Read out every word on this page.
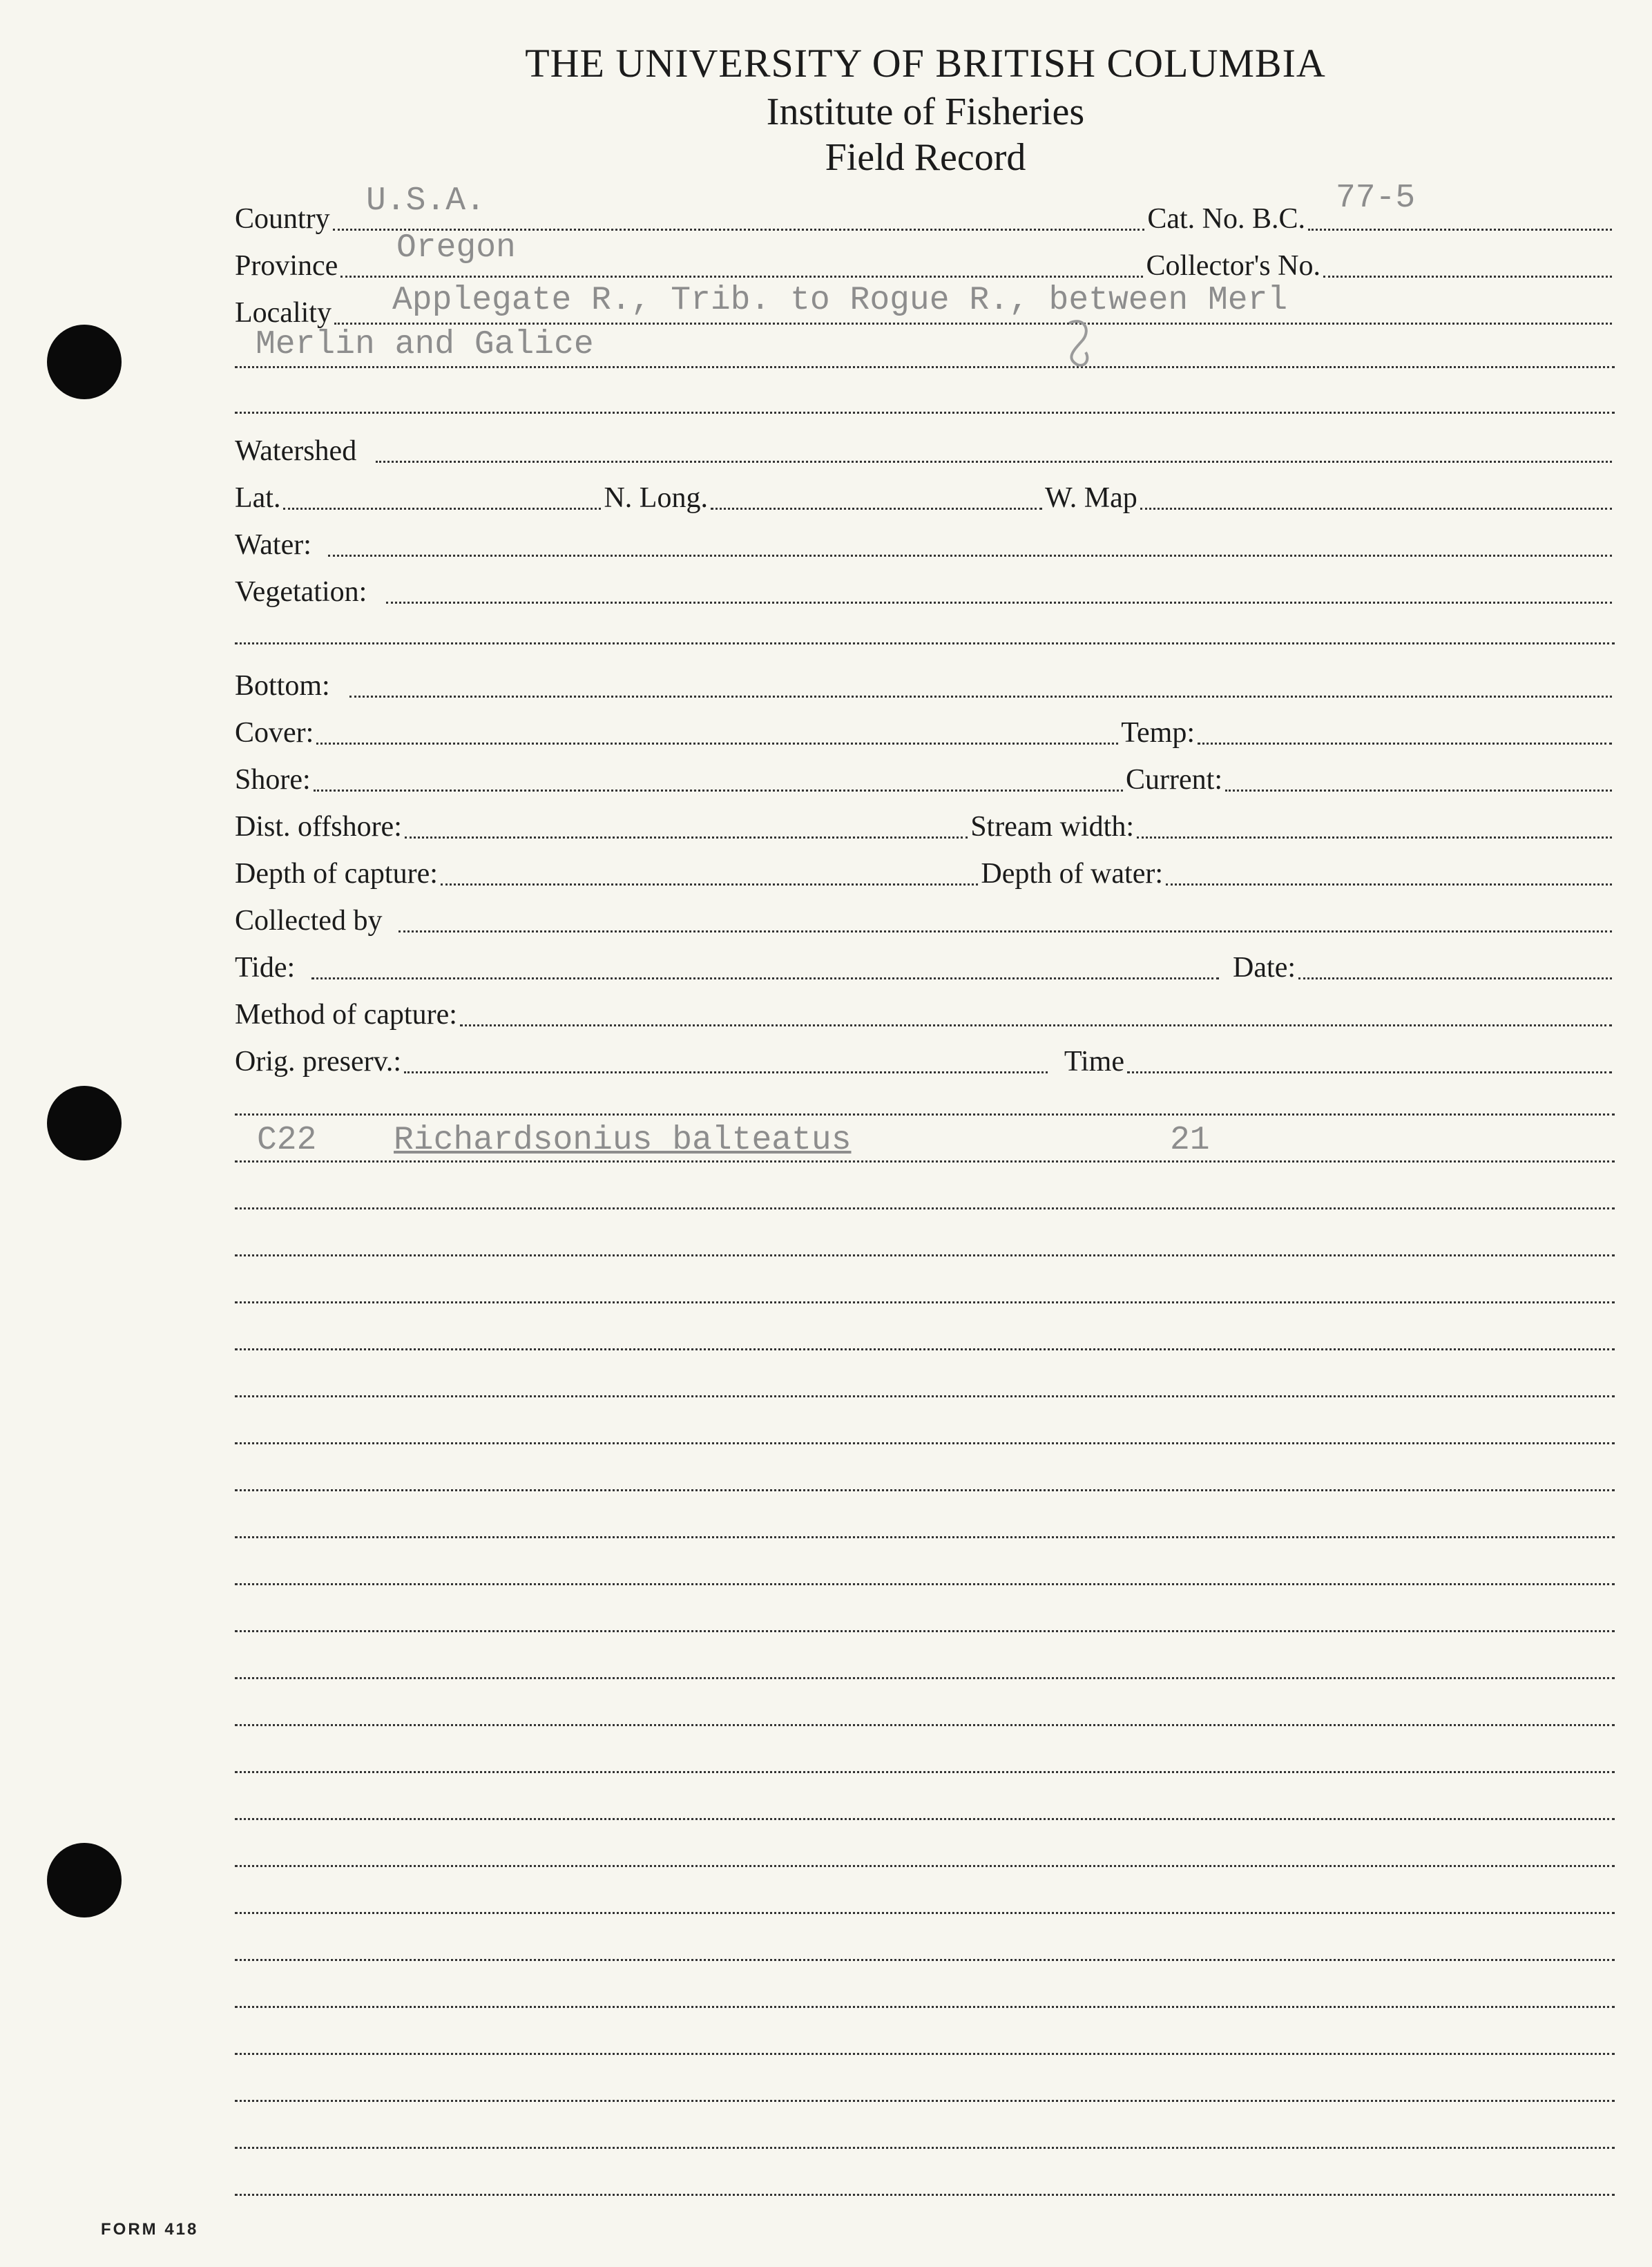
THE UNIVERSITY OF BRITISH COLUMBIA
Institute of Fisheries
Field Record
Country	Cat. No. B.C.
U.S.A.	77-5
Province	Collector's No.
Oregon
Locality Applegate R., Trib. to Rogue R., between Merl
Merlin and Galice
Watershed
Lat.	N. Long.	W. Map
Water:
Vegetation:
Bottom:
Cover:	Temp:
Shore:	Current:
Dist. offshore:	Stream width:
Depth of capture:	Depth of water:
Collected by
Tide:	Date:
Method of capture:
Orig. preserv.:	Time
C22 Richardsonius balteatus	21
FORM 418
